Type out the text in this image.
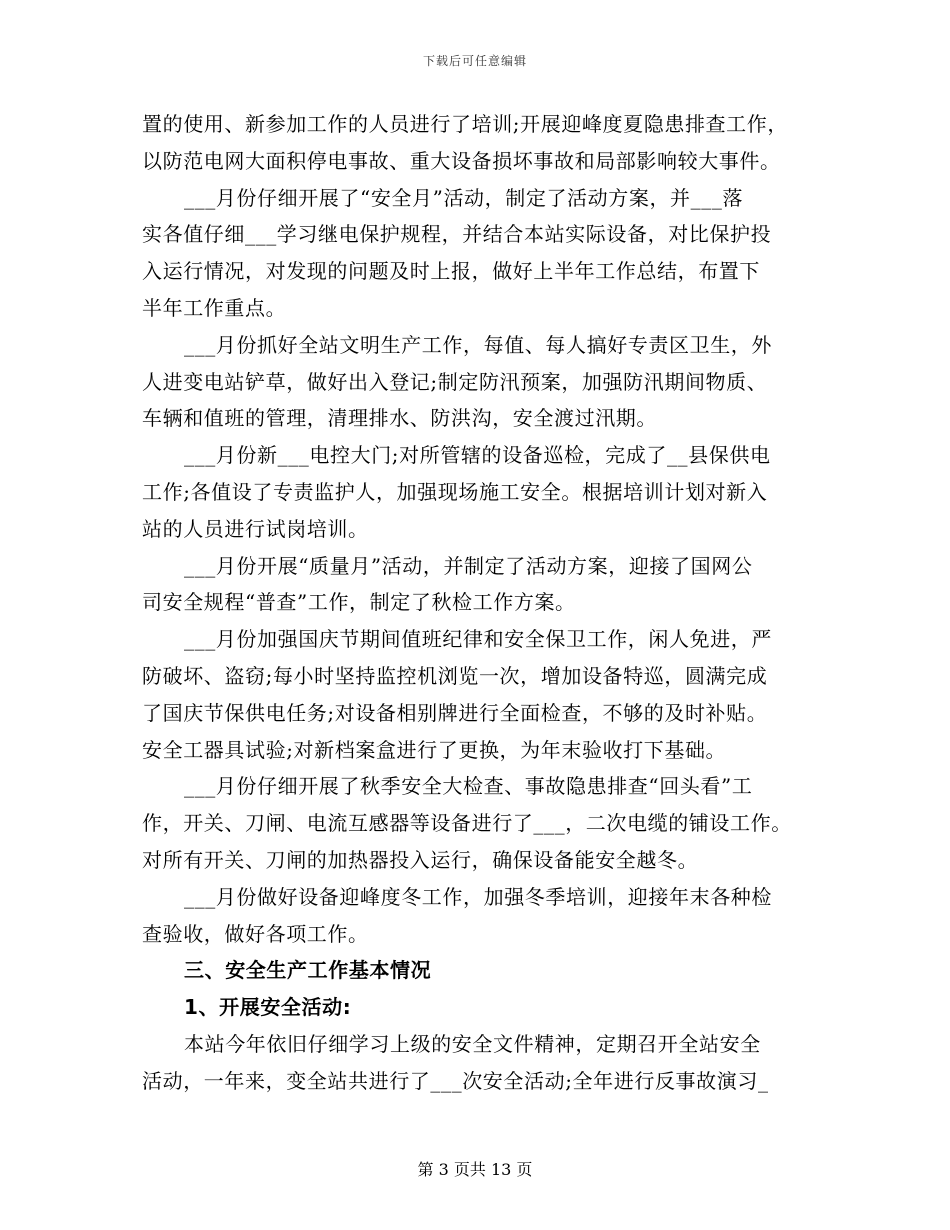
下载后可任意编辑

置的使用、新参加工作的人员进行了培训;开展迎峰度夏隐患排查工作，

以防范电网大面积停电事故、重大设备损坏事故和局部影响较大事件。

___月份仔细开展了“安全月”活动，制定了活动方案，并___落

实各值仔细___学习继电保护规程，并结合本站实际设备，对比保护投

入运行情况，对发现的问题及时上报，做好上半年工作总结，布置下

半年工作重点。

___月份抓好全站文明生产工作，每值、每人搞好专责区卫生，外

人进变电站铲草，做好出入登记;制定防汛预案，加强防汛期间物质、

车辆和值班的管理，清理排水、防洪沟，安全渡过汛期。

___月份新___电控大门;对所管辖的设备巡检，完成了__县保供电

工作;各值设了专责监护人，加强现场施工安全。根据培训计划对新入

站的人员进行试岗培训。

___月份开展“质量月”活动，并制定了活动方案，迎接了国网公

司安全规程“普查”工作，制定了秋检工作方案。

___月份加强国庆节期间值班纪律和安全保卫工作，闲人免进，严

防破坏、盗窃;每小时坚持监控机浏览一次，增加设备特巡，圆满完成

了国庆节保供电任务;对设备相别牌进行全面检查，不够的及时补贴。

安全工器具试验;对新档案盒进行了更换，为年末验收打下基础。

___月份仔细开展了秋季安全大检查、事故隐患排查“回头看”工

作，开关、刀闸、电流互感器等设备进行了___，二次电缆的铺设工作。

对所有开关、刀闸的加热器投入运行，确保设备能安全越冬。

___月份做好设备迎峰度冬工作，加强冬季培训，迎接年末各种检

查验收，做好各项工作。

三、安全生产工作基本情况

1、开展安全活动:

本站今年依旧仔细学习上级的安全文件精神，定期召开全站安全

活动，一年来，变全站共进行了___次安全活动;全年进行反事故演习_

第 3 页共 13 页
